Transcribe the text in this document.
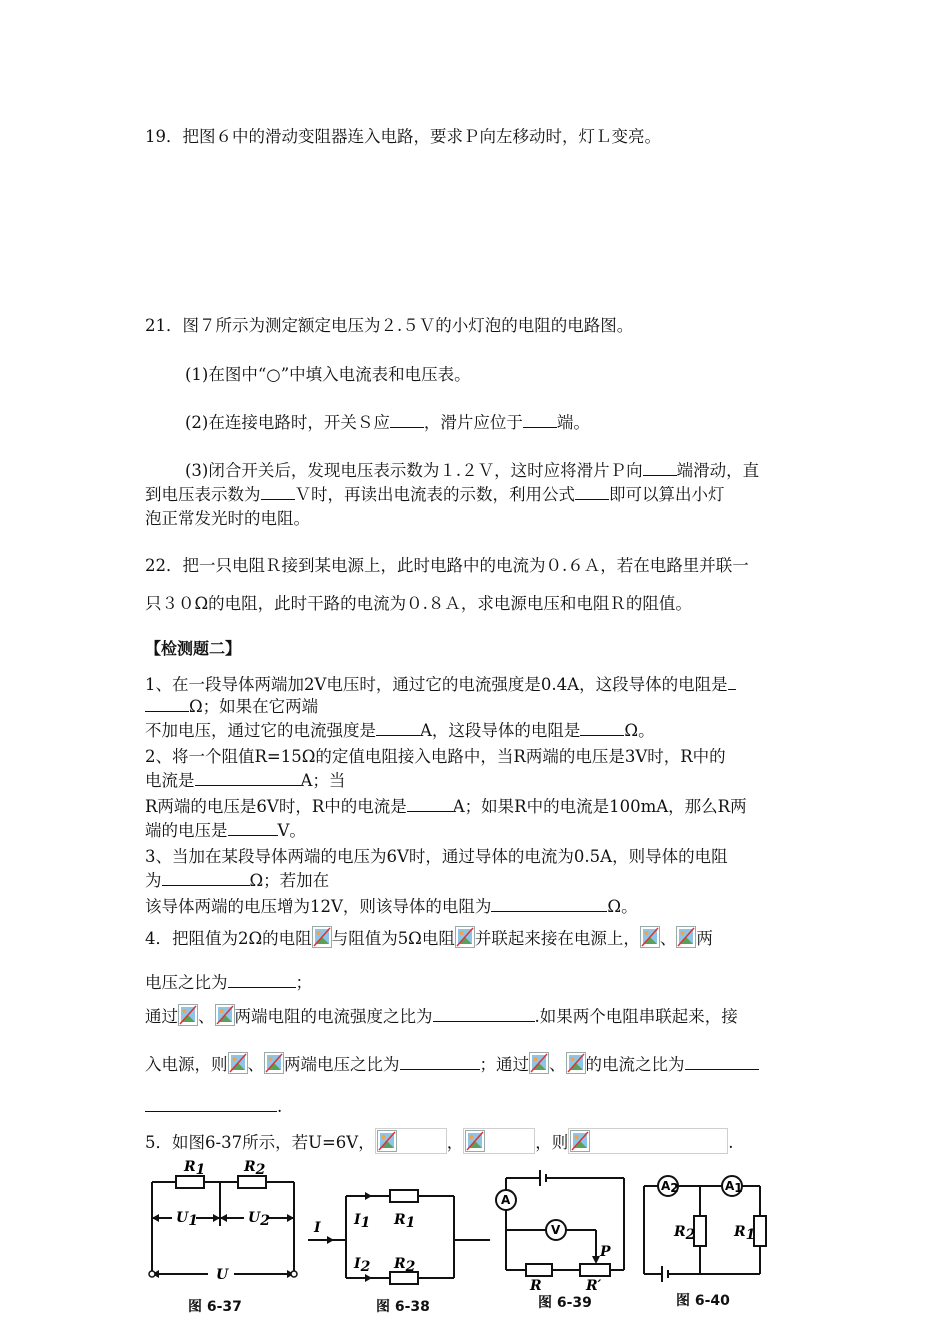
19．把图６中的滑动变阻器连入电路，要求Ｐ向左移动时，灯Ｌ变亮。
21．图７所示为测定额定电压为２.５Ｖ的小灯泡的电阻的电路图。
(1)在图中“○”中填入电流表和电压表。
(2)在连接电路时，开关Ｓ应 ，滑片应位于 端。
(3)闭合开关后，发现电压表示数为１.２Ｖ，这时应将滑片Ｐ向 端滑动，直
到电压表示数为 Ｖ时，再读出电流表的示数，利用公式 即可以算出小灯
泡正常发光时的电阻。
22．把一只电阻Ｒ接到某电源上，此时电路中的电流为０.６Ａ，若在电路里并联一
只３０Ω的电阻，此时干路的电流为０.８Ａ，求电源电压和电阻Ｒ的阻值。
【检测题二】
1、在一段导体两端加2V电压时，通过它的电流强度是0.4A，这段导体的电阻是
Ω；如果在它两端
不加电压，通过它的电流强度是	A，这段导体的电阻是	Ω。
2、将一个阻值R=15Ω的定值电阻接入电路中，当R两端的电压是3V时，R中的
电流是	A；当
R两端的电压是6V时，R中的电流是	A；如果R中的电流是100mA，那么R两
端的电压是	V。
3、当加在某段导体两端的电压为6V时，通过导体的电流为0.5A，则导体的电阻
为	Ω；若加在
该导体两端的电压增为12V，则该导体的电阻为	Ω。
4．把阻值为2Ω的电阻 与阻值为5Ω电阻 并联起来接在电源上， 、 两
电压之比为	；
通过 、 两端电阻的电流强度之比为	.如果两个电阻串联起来，接
入电源，则 、 两端电压之比为	；通过 、 的电流之比为
.
5．如图6-37所示，若U=6V，	，	，则	.
R1	R2
U1	U2
U
图 6-37
I I1 R1
I2 R2
图 6-38
A
V
P
R	R′
图 6-39
A2	A1
R2	R1
图 6-40
